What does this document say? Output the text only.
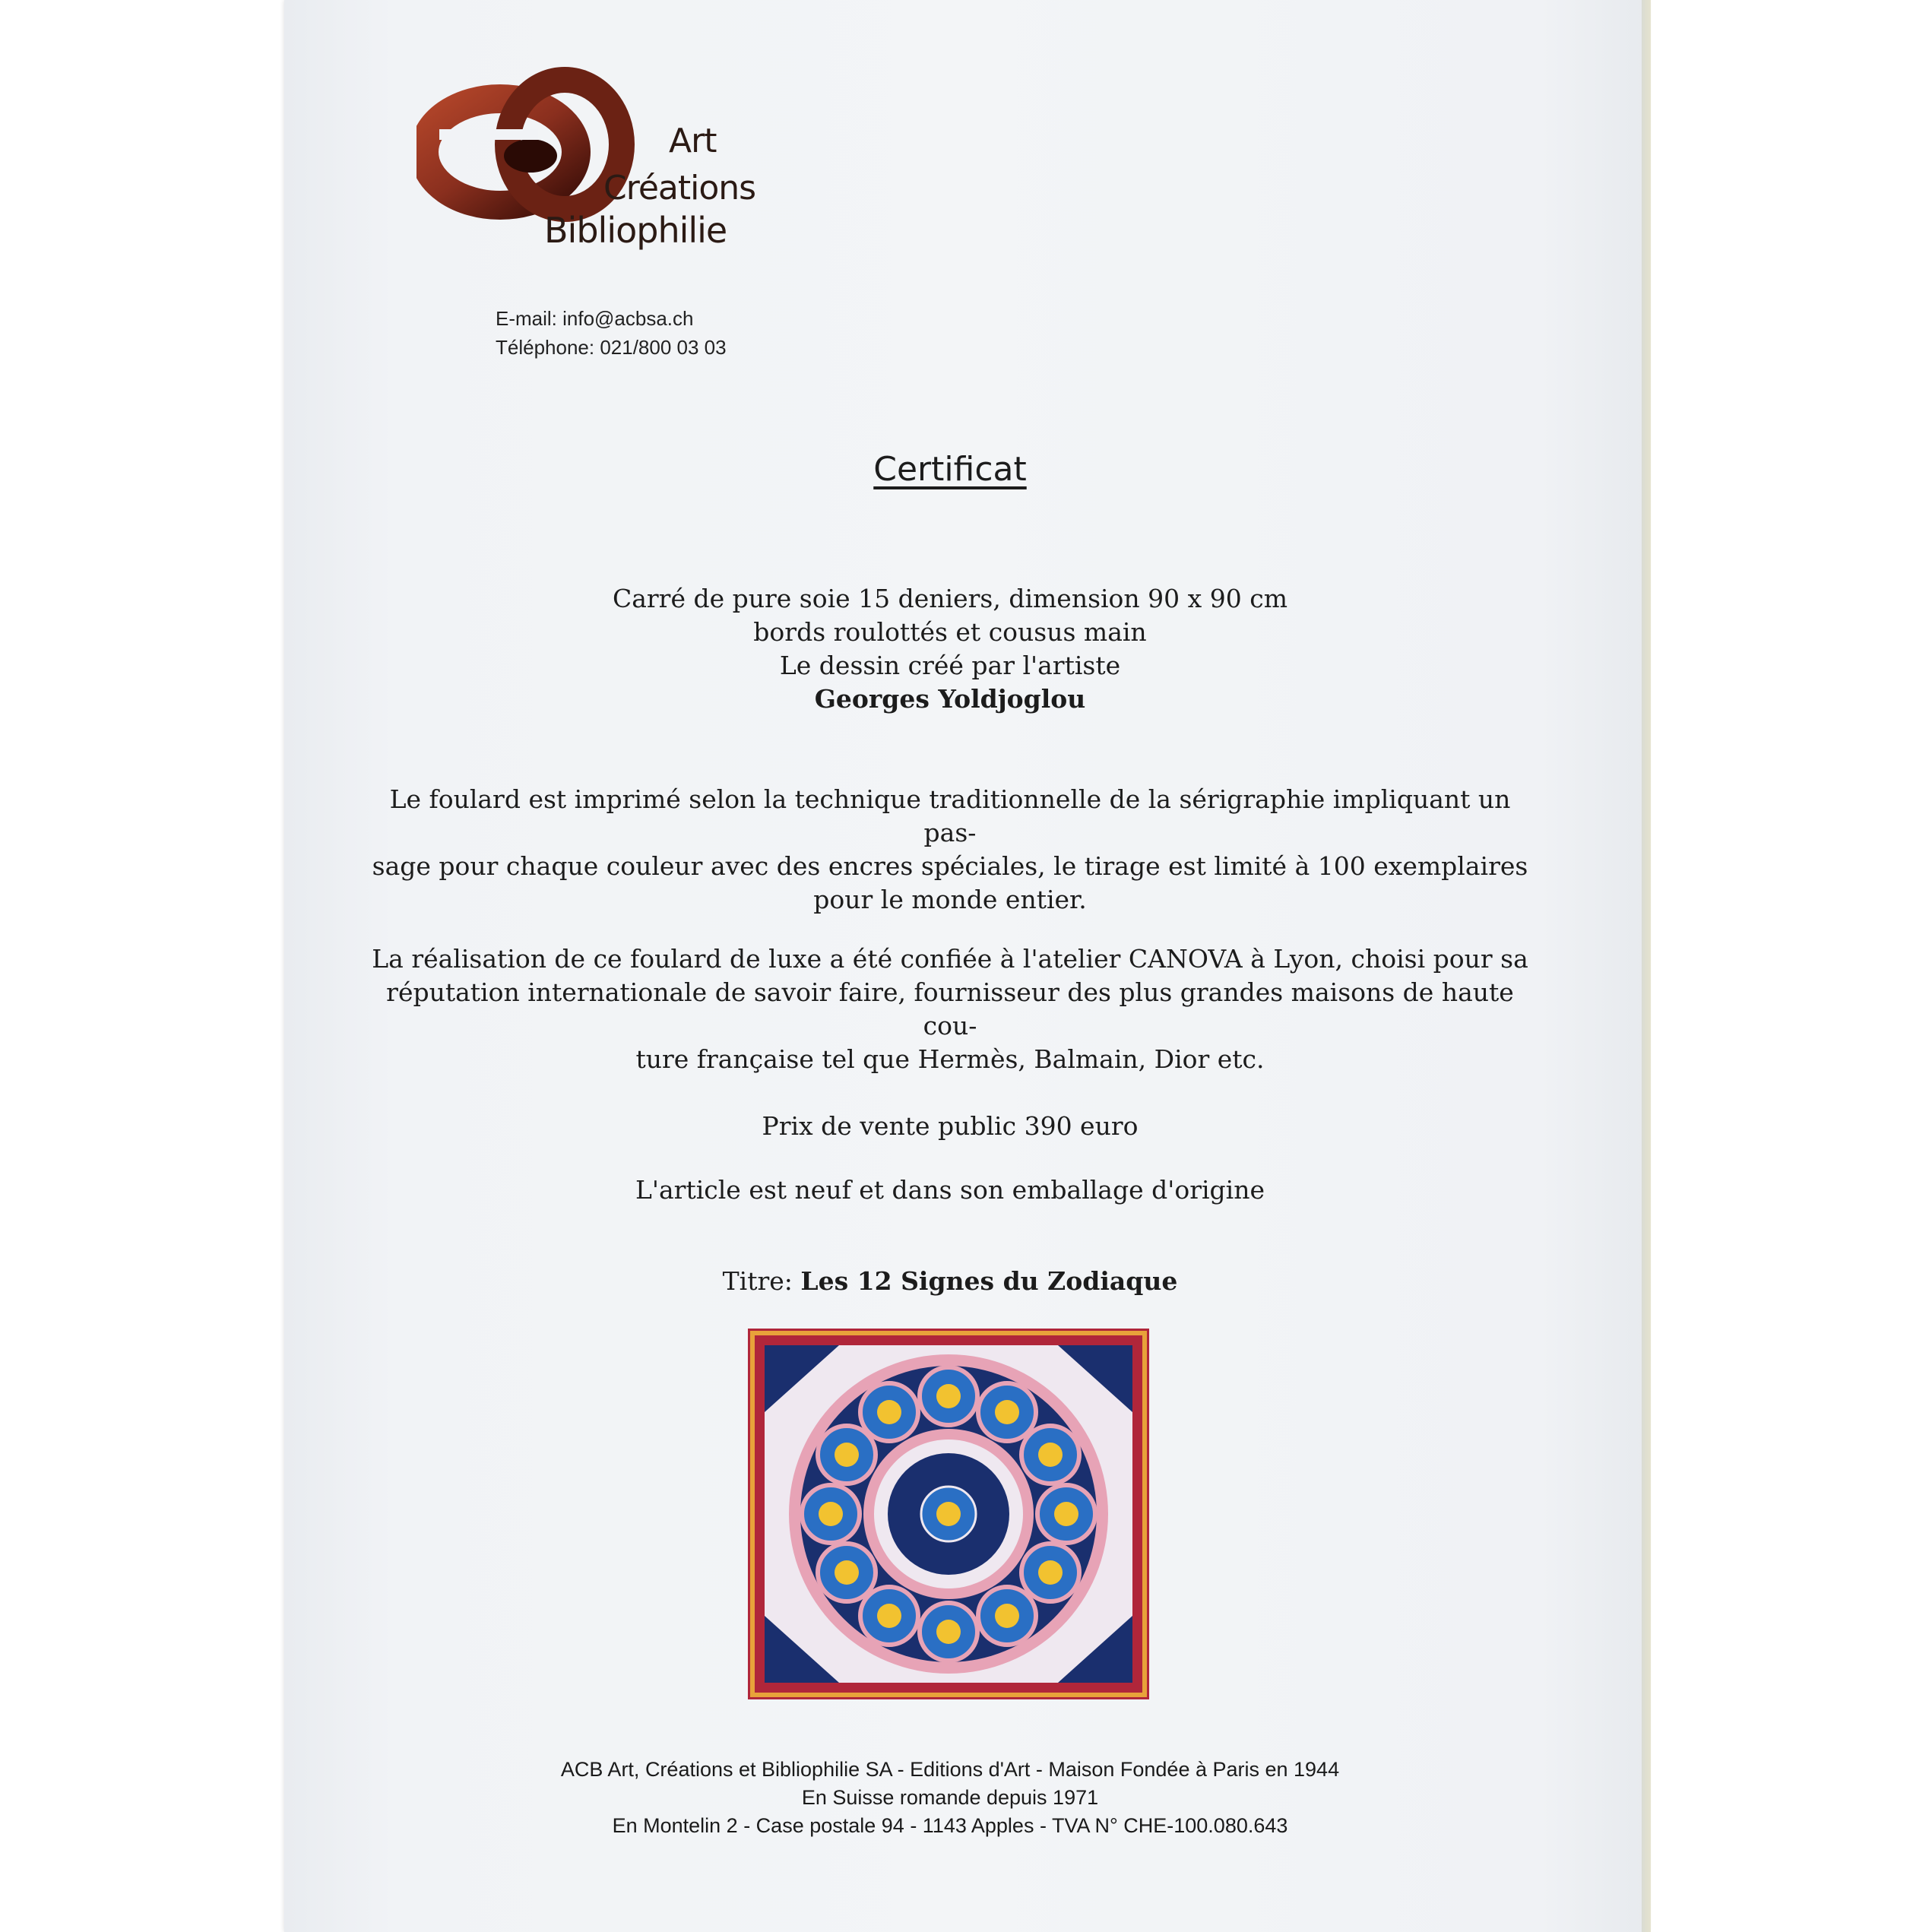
Art
Créations
Bibliophilie
E-mail: info@acbsa.ch
Téléphone: 021/800 03 03
Certificat
Carré de pure soie 15 deniers, dimension 90 x 90 cm
bords roulottés et cousus main
Le dessin créé par l'artiste
Georges Yoldjoglou
Le foulard est imprimé selon la technique traditionnelle de la sérigraphie impliquant un pas-
sage pour chaque couleur avec des encres spéciales, le tirage est limité à 100 exemplaires
pour le monde entier.
La réalisation de ce foulard de luxe a été confiée à l'atelier CANOVA à Lyon, choisi pour sa
réputation internationale de savoir faire, fournisseur des plus grandes maisons de haute cou-
ture française tel que Hermès, Balmain, Dior etc.
Prix de vente public 390 euro
L'article est neuf et dans son emballage d'origine
Titre: Les 12 Signes du Zodiaque
ACB Art, Créations et Bibliophilie SA - Editions d'Art - Maison Fondée à Paris en 1944
En Suisse romande depuis 1971
En Montelin 2 - Case postale 94 - 1143 Apples - TVA N° CHE-100.080.643
